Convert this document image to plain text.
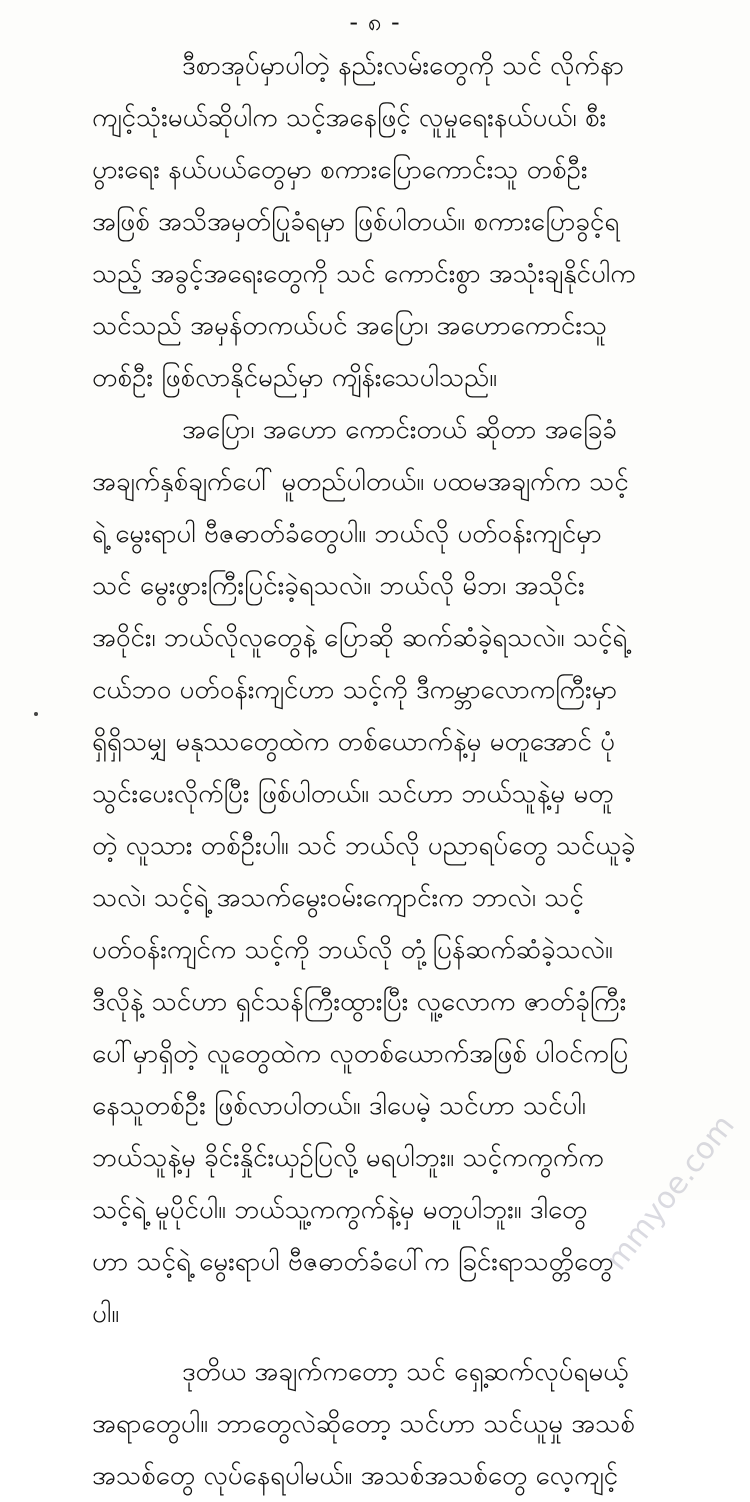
- ၈ -
ဒီစာအုပ်မှာပါတဲ့ နည်းလမ်းတွေကို သင် လိုက်နာ
ကျင့်သုံးမယ်ဆိုပါက သင့်အနေဖြင့် လူမှုရေးနယ်ပယ်၊ စီး
ပွားရေး နယ်ပယ်တွေမှာ စကားပြောကောင်းသူ တစ်ဦး
အဖြစ် အသိအမှတ်ပြုခံရမှာ ဖြစ်ပါတယ်။ စကားပြောခွင့်ရ
သည့် အခွင့်အရေးတွေကို သင် ကောင်းစွာ အသုံးချနိုင်ပါက
သင်သည် အမှန်တကယ်ပင် အပြော၊ အဟောကောင်းသူ
တစ်ဦး ဖြစ်လာနိုင်မည်မှာ ကျိန်းသေပါသည်။
အပြော၊ အဟော ကောင်းတယ် ဆိုတာ အခြေခံ
အချက်နှစ်ချက်ပေါ် မူတည်ပါတယ်။ ပထမအချက်က သင့်
ရဲ့ မွေးရာပါ ဗီဇဓာတ်ခံတွေပါ။ ဘယ်လို ပတ်ဝန်းကျင်မှာ
သင် မွေးဖွားကြီးပြင်းခဲ့ရသလဲ။ ဘယ်လို မိဘ၊ အသိုင်း
အဝိုင်း၊ ဘယ်လိုလူတွေနဲ့ ပြောဆို ဆက်ဆံခဲ့ရသလဲ။ သင့်ရဲ့
ငယ်ဘဝ ပတ်ဝန်းကျင်ဟာ သင့်ကို ဒီကမ္ဘာလောကကြီးမှာ
ရှိရှိသမျှ မနုဿတွေထဲက တစ်ယောက်နဲ့မှ မတူအောင် ပုံ
သွင်းပေးလိုက်ပြီး ဖြစ်ပါတယ်။ သင်ဟာ ဘယ်သူနဲ့မှ မတူ
တဲ့ လူသား တစ်ဦးပါ။ သင် ဘယ်လို ပညာရပ်တွေ သင်ယူခဲ့
သလဲ၊ သင့်ရဲ့ အသက်မွေးဝမ်းကျောင်းက ဘာလဲ၊ သင့်
ပတ်ဝန်းကျင်က သင့်ကို ဘယ်လို တုံ့ပြန်ဆက်ဆံခဲ့သလဲ။
ဒီလိုနဲ့ သင်ဟာ ရှင်သန်ကြီးထွားပြီး လူ့လောက ဇာတ်ခုံကြီး
ပေါ်မှာရှိတဲ့ လူတွေထဲက လူတစ်ယောက်အဖြစ် ပါဝင်ကပြ
နေသူတစ်ဦး ဖြစ်လာပါတယ်။ ဒါပေမဲ့ သင်ဟာ သင်ပါ၊
ဘယ်သူနဲ့မှ ခိုင်းနှိုင်းယှဉ်ပြလို့ မရပါဘူး။ သင့်ကကွက်က
သင့်ရဲ့ မူပိုင်ပါ။ ဘယ်သူ့ကကွက်နဲ့မှ မတူပါဘူး။ ဒါတွေ
ဟာ သင့်ရဲ့ မွေးရာပါ ဗီဇဓာတ်ခံပေါ်က ခြင်းရာသတ္တိတွေ
ပါ။
ဒုတိယ အချက်ကတော့ သင် ရှေ့ဆက်လုပ်ရမယ့်
အရာတွေပါ။ ဘာတွေလဲဆိုတော့ သင်ဟာ သင်ယူမှု အသစ်
အသစ်တွေ လုပ်နေရပါမယ်။ အသစ်အသစ်တွေ လေ့ကျင့်
mmyoe.com
